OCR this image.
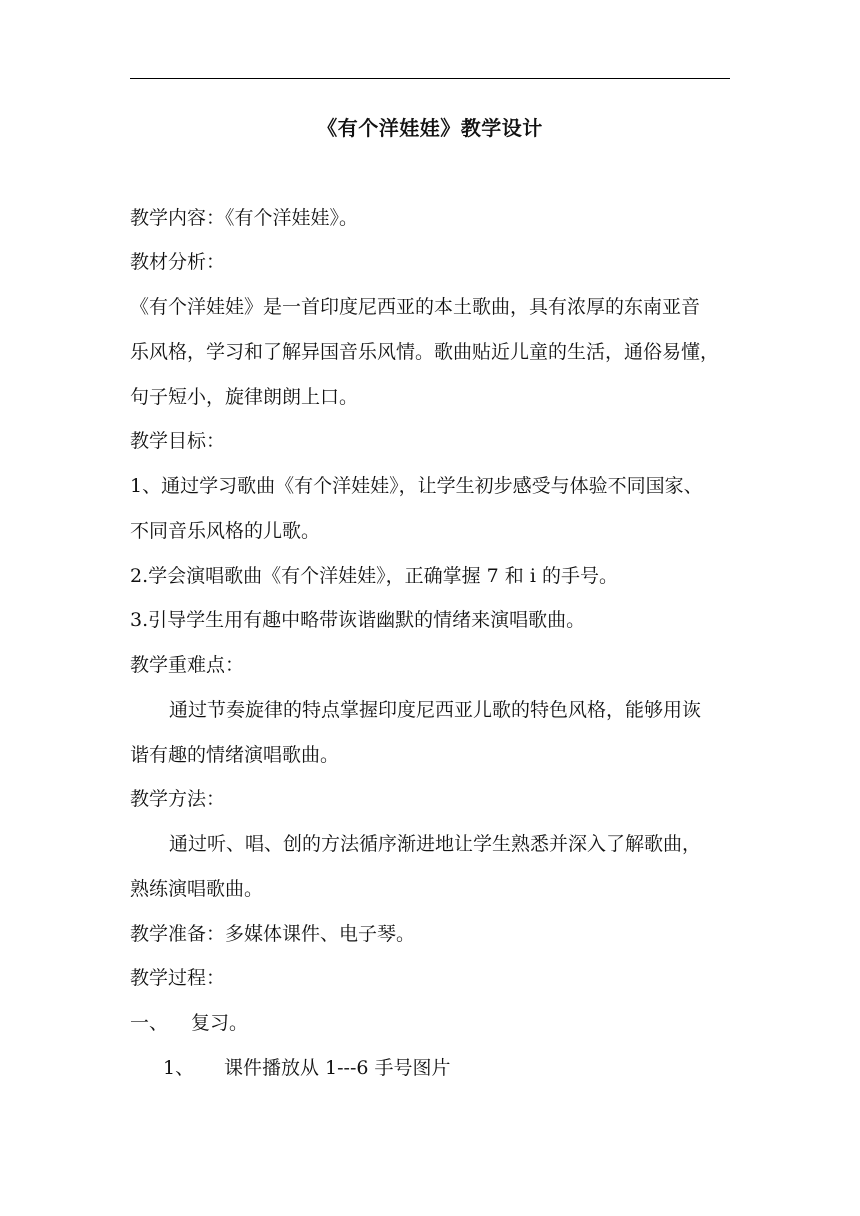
《有个洋娃娃》教学设计
教学内容：《有个洋娃娃》。
教材分析：
《有个洋娃娃》是一首印度尼西亚的本土歌曲，具有浓厚的东南亚音
乐风格，学习和了解异国音乐风情。歌曲贴近儿童的生活，通俗易懂，
句子短小，旋律朗朗上口。
教学目标：
1、通过学习歌曲《有个洋娃娃》，让学生初步感受与体验不同国家、
不同音乐风格的儿歌。
2.学会演唱歌曲《有个洋娃娃》，正确掌握 7 和 i 的手号。
3.引导学生用有趣中略带诙谐幽默的情绪来演唱歌曲。
教学重难点：
通过节奏旋律的特点掌握印度尼西亚儿歌的特色风格，能够用诙
谐有趣的情绪演唱歌曲。
教学方法：
通过听、唱、创的方法循序渐进地让学生熟悉并深入了解歌曲，
熟练演唱歌曲。
教学准备：多媒体课件、电子琴。
教学过程：
一、 复习。
1、 课件播放从 1---6 手号图片
